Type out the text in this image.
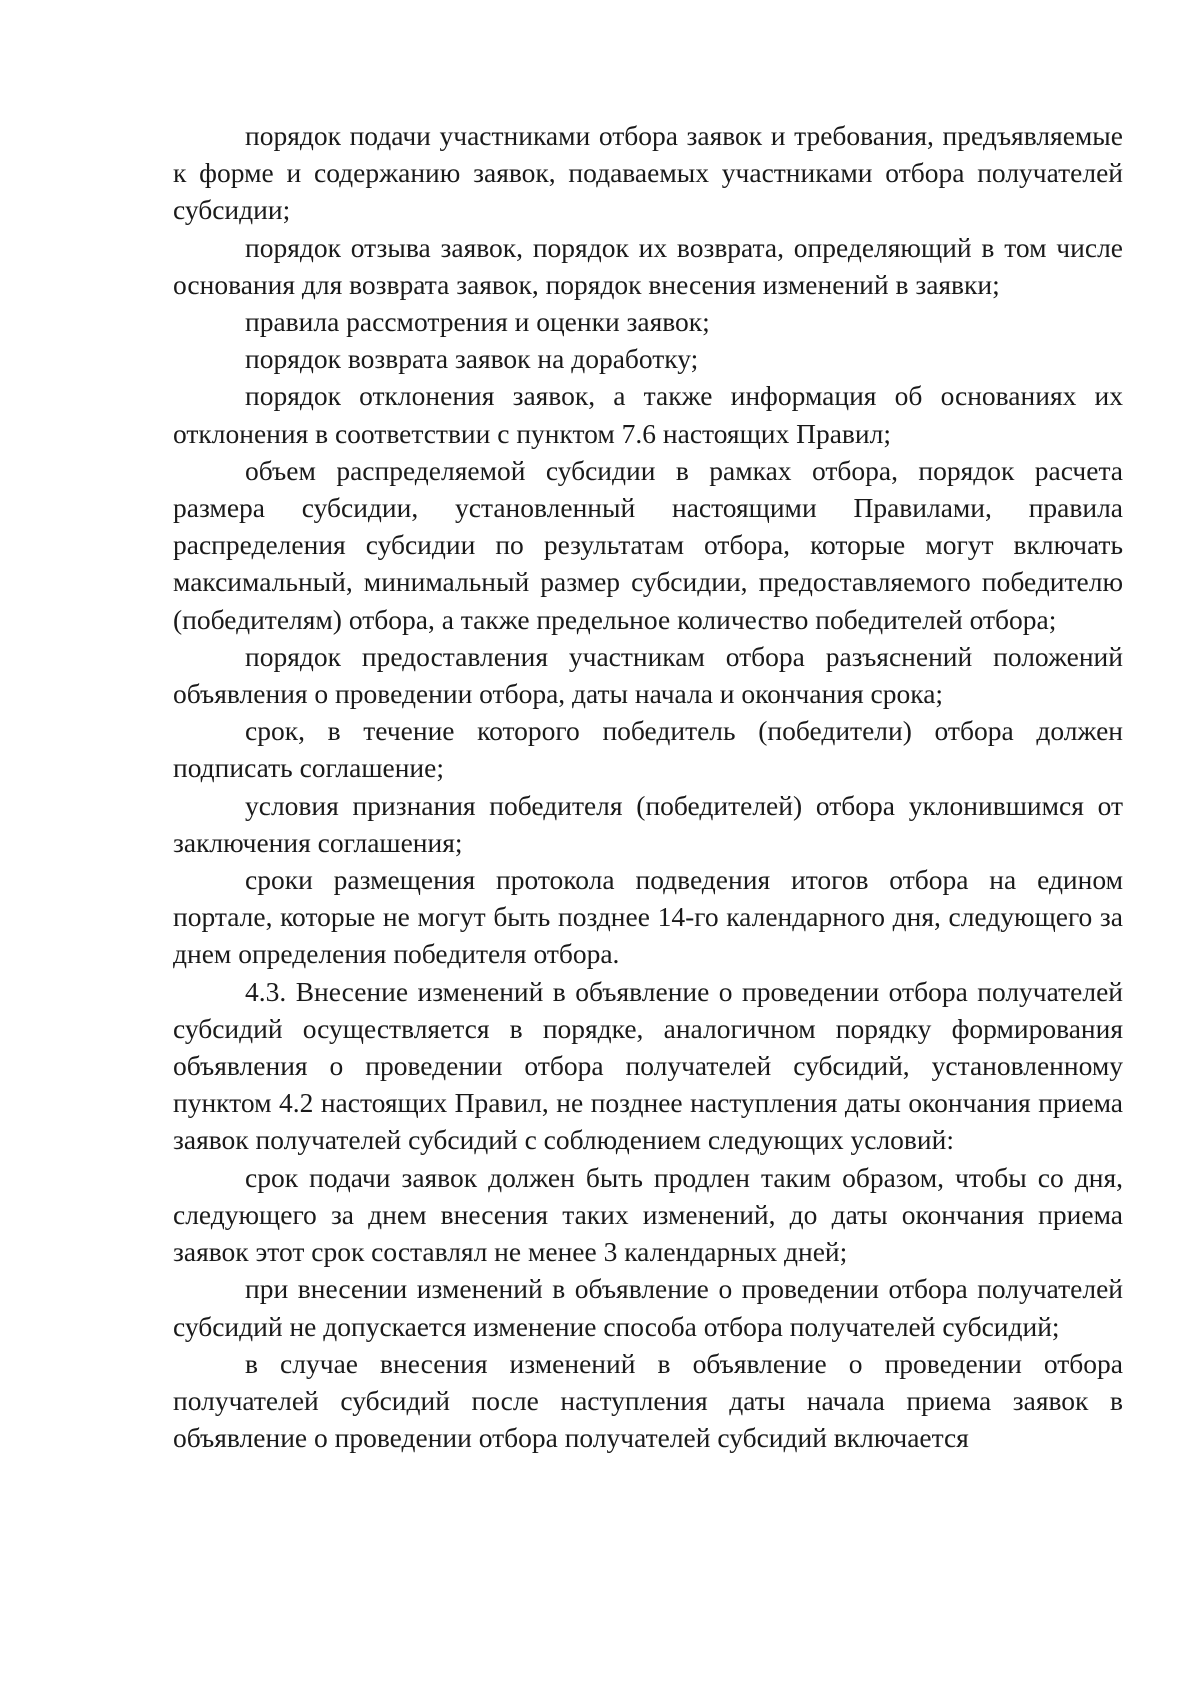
порядок подачи участниками отбора заявок и требования, предъявляемые к форме и содержанию заявок, подаваемых участниками отбора получателей субсидии;

порядок отзыва заявок, порядок их возврата, определяющий в том числе основания для возврата заявок, порядок внесения изменений в заявки;

правила рассмотрения и оценки заявок;

порядок возврата заявок на доработку;

порядок отклонения заявок, а также информация об основаниях их отклонения в соответствии с пунктом 7.6 настоящих Правил;

объем распределяемой субсидии в рамках отбора, порядок расчета размера субсидии, установленный настоящими Правилами, правила распределения субсидии по результатам отбора, которые могут включать максимальный, минимальный размер субсидии, предоставляемого победителю (победителям) отбора, а также предельное количество победителей отбора;

порядок предоставления участникам отбора разъяснений положений объявления о проведении отбора, даты начала и окончания срока;

срок, в течение которого победитель (победители) отбора должен подписать соглашение;

условия признания победителя (победителей) отбора уклонившимся от заключения соглашения;

сроки размещения протокола подведения итогов отбора на едином портале, которые не могут быть позднее 14-го календарного дня, следующего за днем определения победителя отбора.

4.3. Внесение изменений в объявление о проведении отбора получателей субсидий осуществляется в порядке, аналогичном порядку формирования объявления о проведении отбора получателей субсидий, установленному пунктом 4.2 настоящих Правил, не позднее наступления даты окончания приема заявок получателей субсидий с соблюдением следующих условий:

срок подачи заявок должен быть продлен таким образом, чтобы со дня, следующего за днем внесения таких изменений, до даты окончания приема заявок этот срок составлял не менее 3 календарных дней;

при внесении изменений в объявление о проведении отбора получателей субсидий не допускается изменение способа отбора получателей субсидий;

в случае внесения изменений в объявление о проведении отбора получателей субсидий после наступления даты начала приема заявок в объявление о проведении отбора получателей субсидий включается
